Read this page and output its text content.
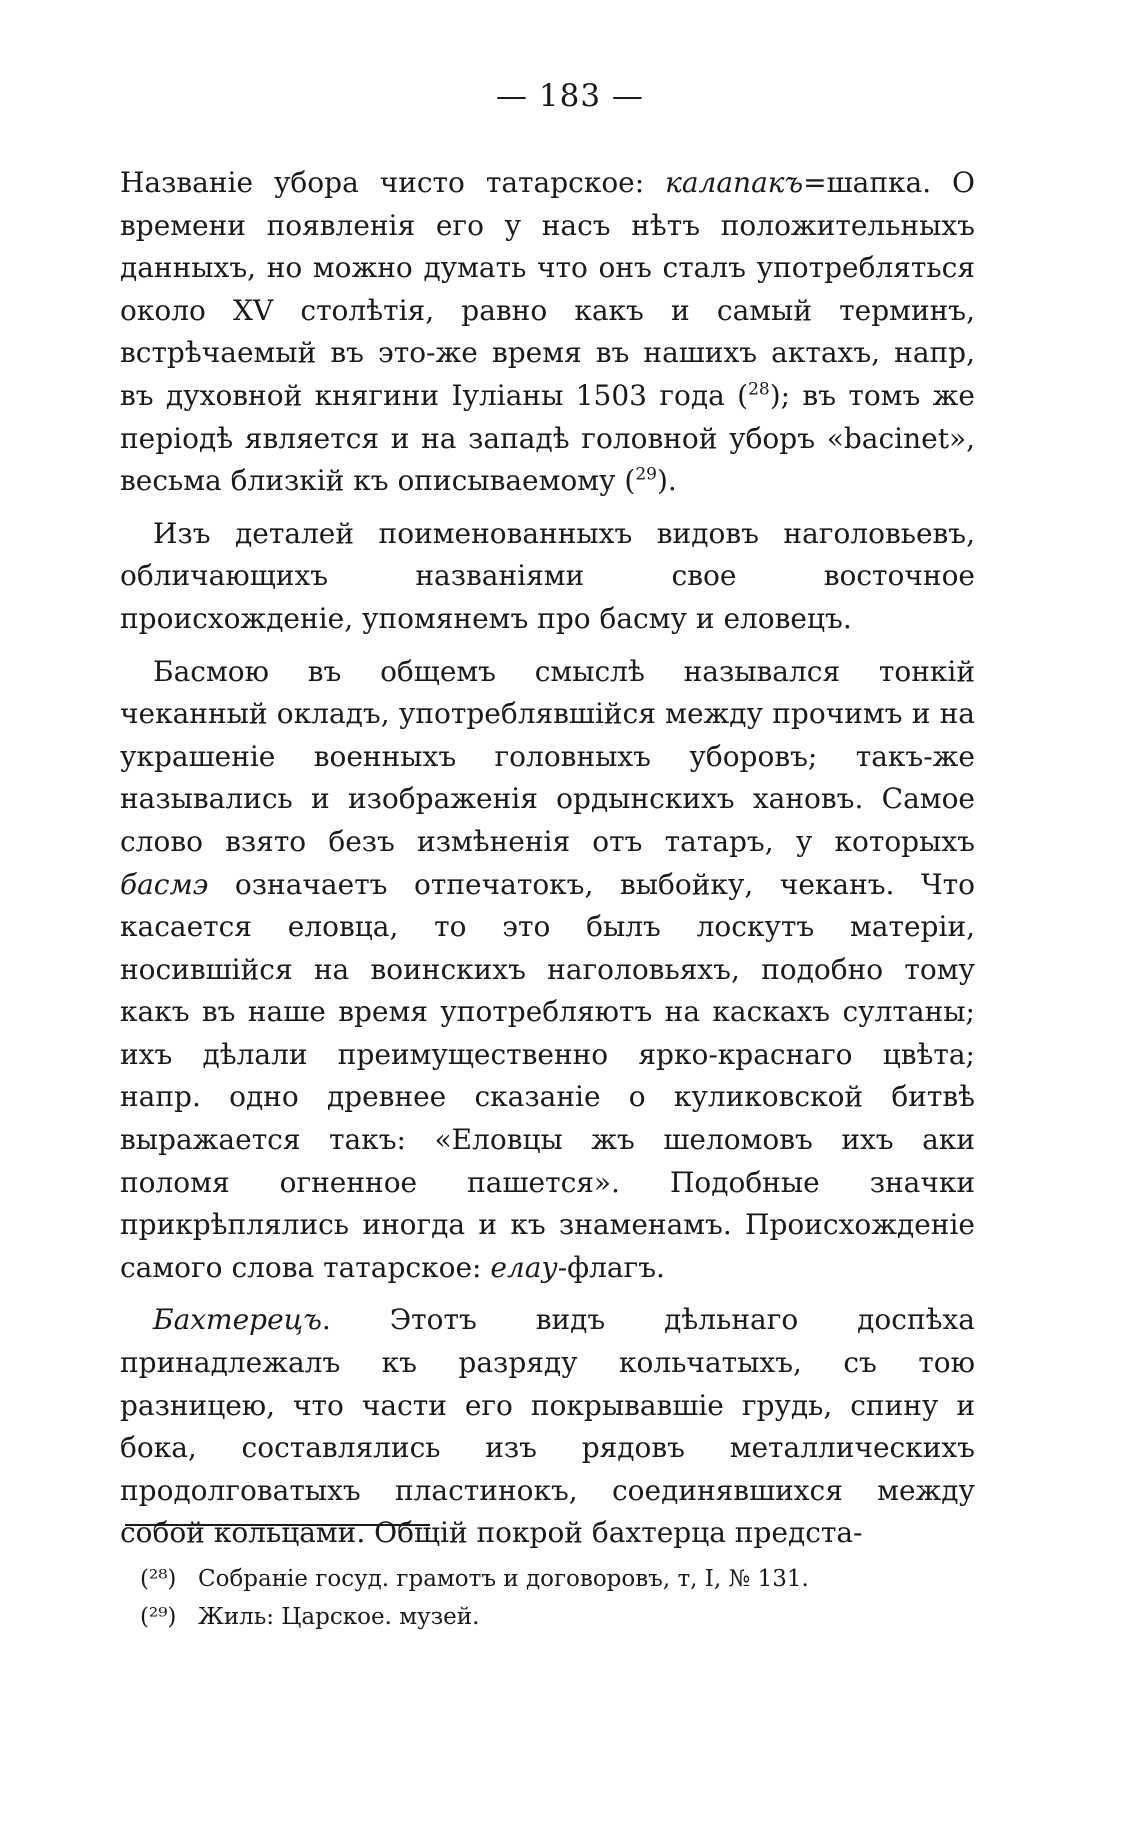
— 183 —

Названіе убора чисто татарское: калапакъ=шапка. О времени появленія его у насъ нѣтъ положительныхъ данныхъ, но можно думать что онъ сталъ употребляться около XV столѣтія, равно какъ и самый терминъ, встрѣчаемый въ это-же время въ нашихъ актахъ, напр, въ духовной княгини Іуліаны 1503 года ($^{28}$); въ томъ же періодѣ является и на западѣ головной уборъ «bacinet», весьма близкій къ описываемому ($^{29}$).

Изъ деталей поименованныхъ видовъ наголовьевъ, обличающихъ названіями свое восточное происхожденіе, упомянемъ про басму и еловецъ.

Басмою въ общемъ смыслѣ назывался тонкій чеканный окладъ, употреблявшійся между прочимъ и на украшеніе военныхъ головныхъ уборовъ; такъ-же назывались и изображенія ордынскихъ хановъ. Самое слово взято безъ измѣненія отъ татаръ, у которыхъ басмэ означаетъ отпечатокъ, выбойку, чеканъ. Что касается еловца, то это былъ лоскутъ матеріи, носившійся на воинскихъ наголовьяхъ, подобно тому какъ въ наше время употребляютъ на каскахъ султаны; ихъ дѣлали преимущественно ярко-краснаго цвѣта; напр. одно древнее сказаніе о куликовской битвѣ выражается такъ: «Еловцы жъ шеломовъ ихъ аки поломя огненное пашется». Подобные значки прикрѣплялись иногда и къ знаменамъ. Происхожденіе самого слова татарское: елау-флагъ.

Бахтерецъ. Этотъ видъ дѣльнаго доспѣха принадлежалъ къ разряду кольчатыхъ, съ тою разницею, что части его покрывавшіе грудь, спину и бока, составлялись изъ рядовъ металлическихъ продолговатыхъ пластинокъ, соединявшихся между собой кольцами. Общій покрой бахтерца предста-

(²⁸) Собраніе госуд. грамотъ и договоровъ, т, I, № 131.

(²⁹) Жиль: Царское. музей.
